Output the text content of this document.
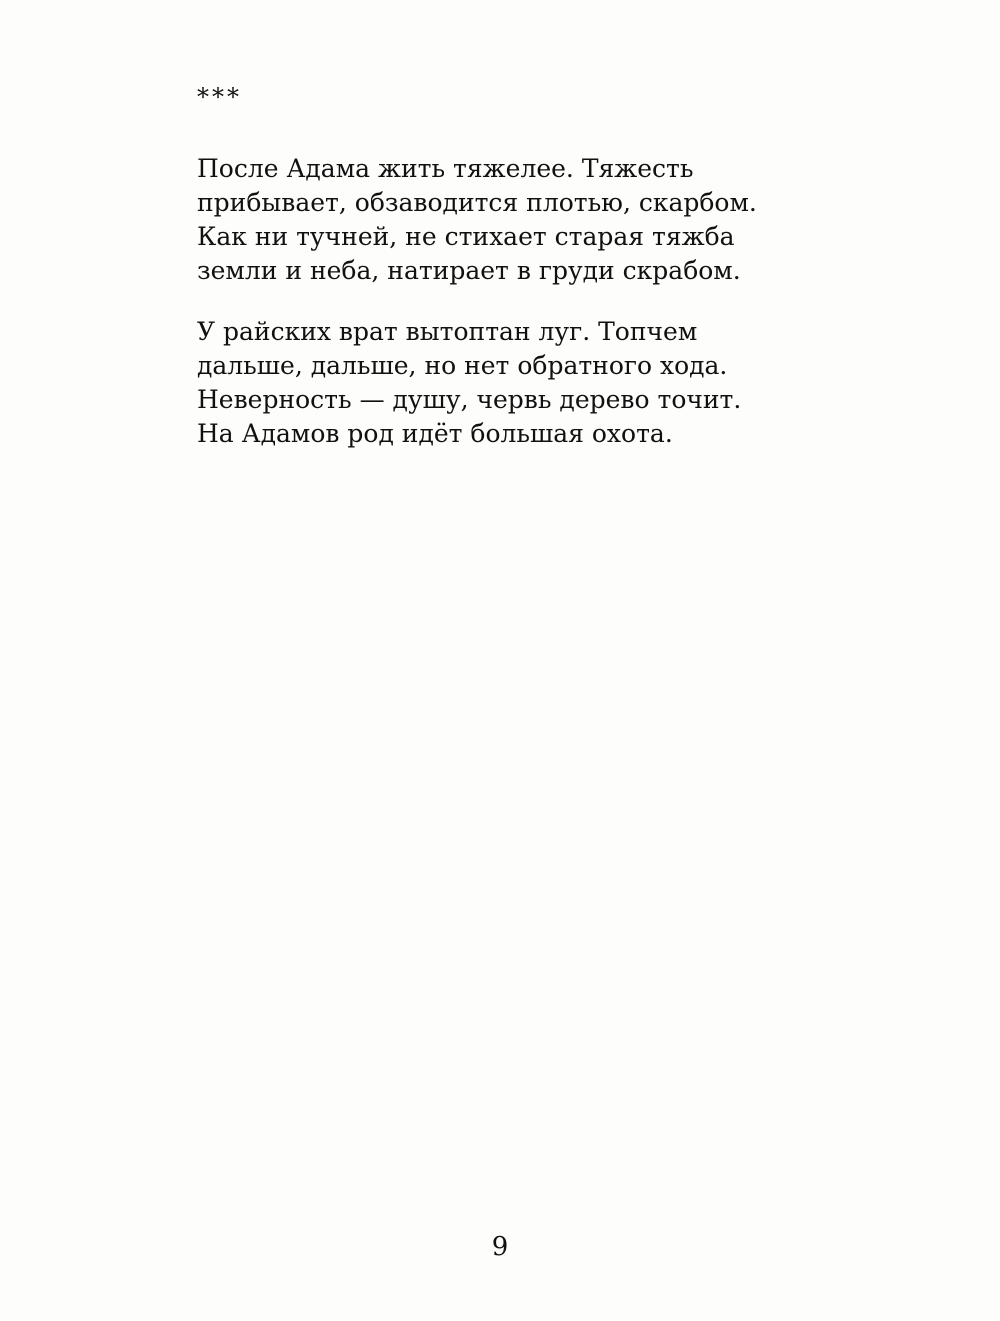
***
После Адама жить тяжелее. Тяжесть
прибывает, обзаводится плотью, скарбом.
Как ни тучней, не стихает старая тяжба
земли и неба, натирает в груди скрабом.
У райских врат вытоптан луг. Топчем
дальше, дальше, но нет обратного хода.
Неверность — душу, червь дерево точит.
На Адамов род идёт большая охота.
9
